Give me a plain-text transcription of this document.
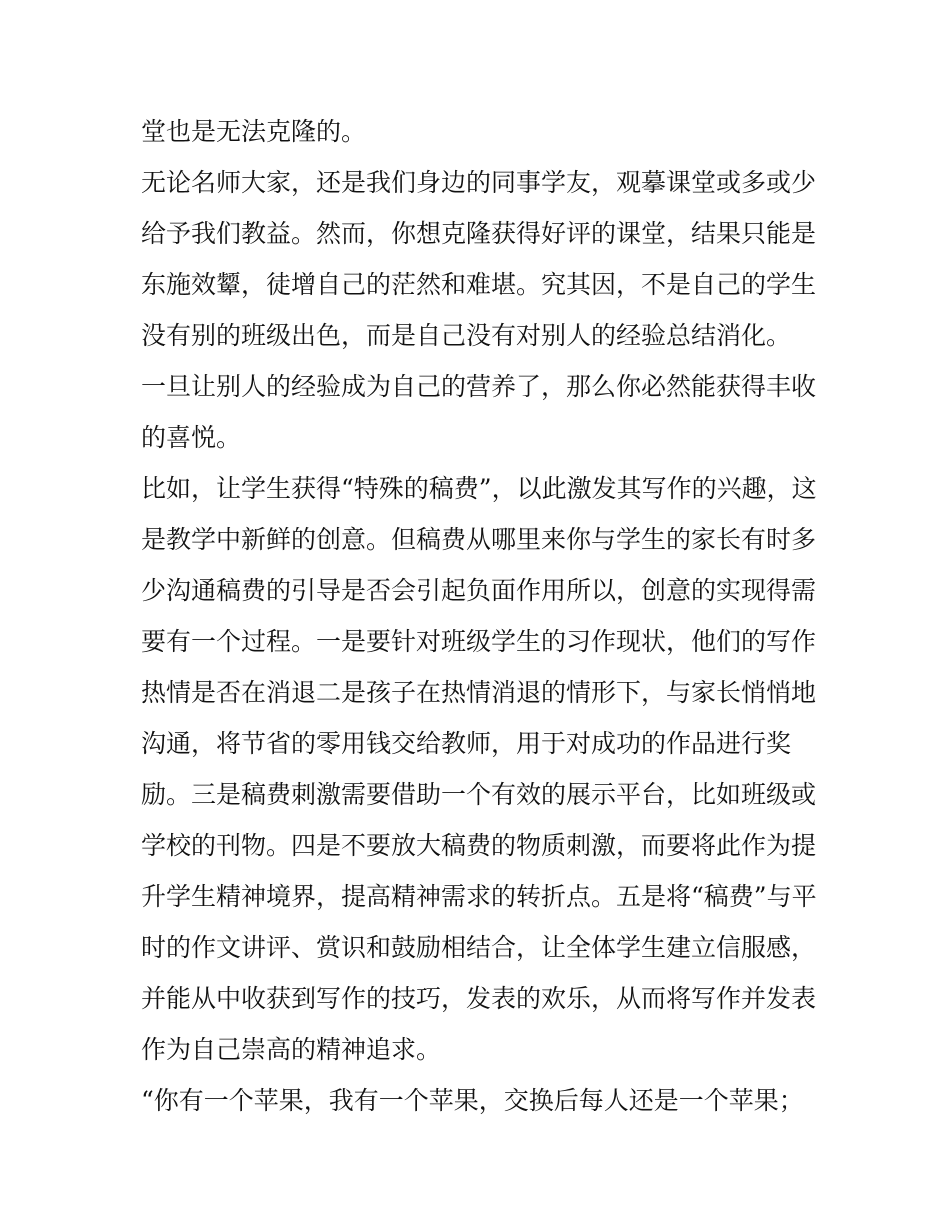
堂也是无法克隆的。
无论名师大家，还是我们身边的同事学友，观摹课堂或多或少
给予我们教益。然而，你想克隆获得好评的课堂，结果只能是
东施效颦，徒增自己的茫然和难堪。究其因，不是自己的学生
没有别的班级出色，而是自己没有对别人的经验总结消化。
一旦让别人的经验成为自己的营养了，那么你必然能获得丰收
的喜悦。
比如，让学生获得“特殊的稿费”，以此激发其写作的兴趣，这
是教学中新鲜的创意。但稿费从哪里来你与学生的家长有时多
少沟通稿费的引导是否会引起负面作用所以，创意的实现得需
要有一个过程。一是要针对班级学生的习作现状，他们的写作
热情是否在消退二是孩子在热情消退的情形下，与家长悄悄地
沟通，将节省的零用钱交给教师，用于对成功的作品进行奖
励。三是稿费刺激需要借助一个有效的展示平台，比如班级或
学校的刊物。四是不要放大稿费的物质刺激，而要将此作为提
升学生精神境界，提高精神需求的转折点。五是将“稿费”与平
时的作文讲评、赏识和鼓励相结合，让全体学生建立信服感，
并能从中收获到写作的技巧，发表的欢乐，从而将写作并发表
作为自己崇高的精神追求。
“你有一个苹果，我有一个苹果，交换后每人还是一个苹果；
